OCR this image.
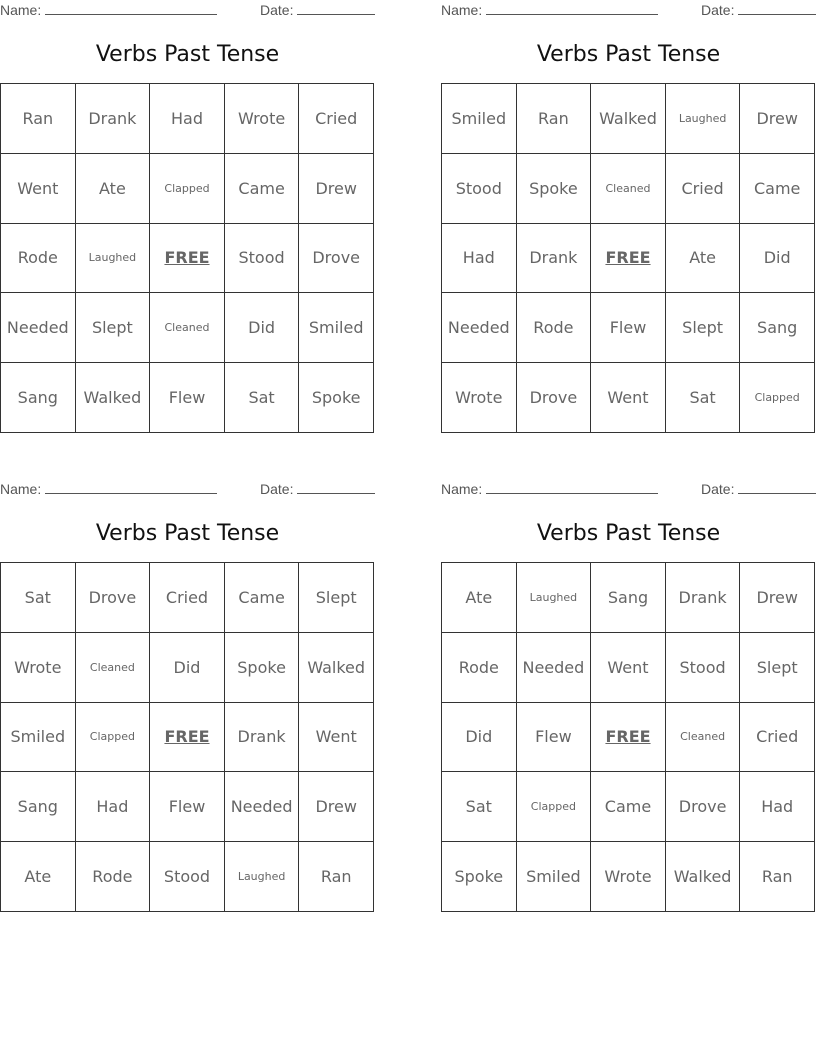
Name:	Date:
Verbs Past Tense
Ran	Drank	Had	Wrote	Cried
Went	Ate	Clapped	Came	Drew
Rode	Laughed	FREE	Stood	Drove
Needed	Slept	Cleaned	Did	Smiled
Sang	Walked	Flew	Sat	Spoke
Name:	Date:
Verbs Past Tense
Smiled	Ran	Walked	Laughed	Drew
Stood	Spoke	Cleaned	Cried	Came
Had	Drank	FREE	Ate	Did
Needed	Rode	Flew	Slept	Sang
Wrote	Drove	Went	Sat	Clapped
Name:	Date:
Verbs Past Tense
Sat	Drove	Cried	Came	Slept
Wrote	Cleaned	Did	Spoke	Walked
Smiled	Clapped	FREE	Drank	Went
Sang	Had	Flew	Needed	Drew
Ate	Rode	Stood	Laughed	Ran
Name:	Date:
Verbs Past Tense
Ate	Laughed	Sang	Drank	Drew
Rode	Needed	Went	Stood	Slept
Did	Flew	FREE	Cleaned	Cried
Sat	Clapped	Came	Drove	Had
Spoke	Smiled	Wrote	Walked	Ran
